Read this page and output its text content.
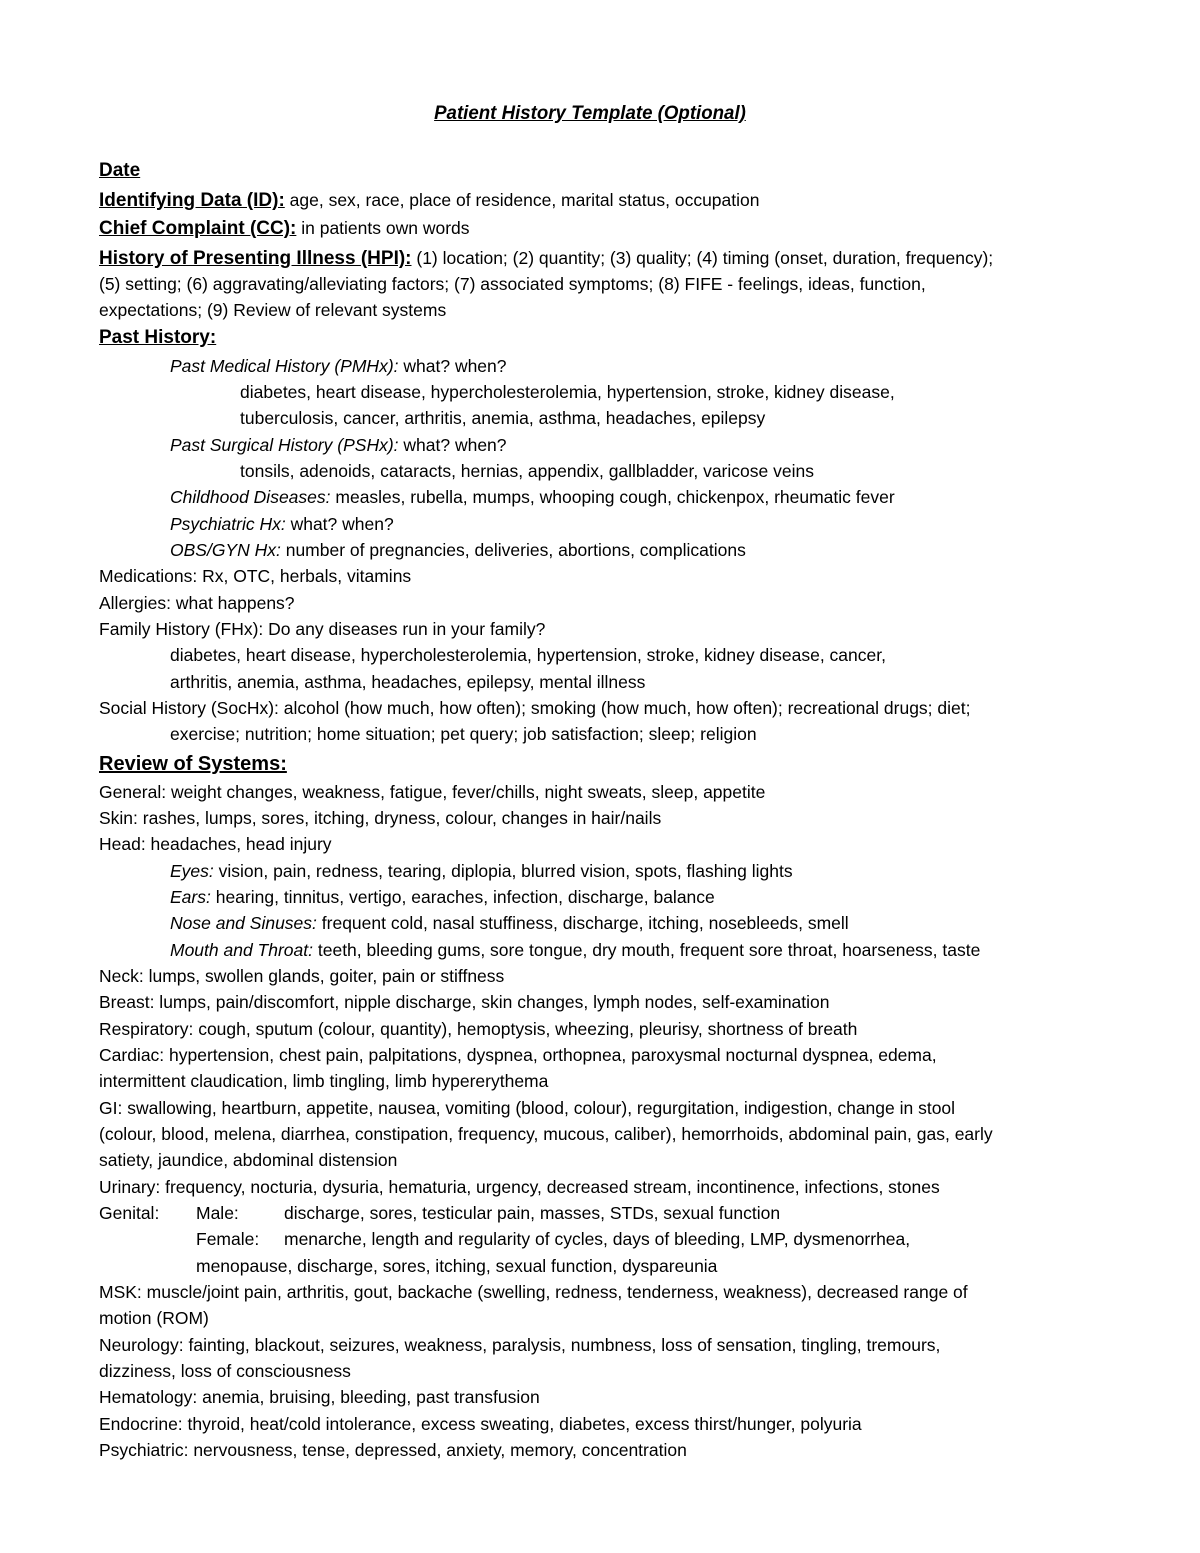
Patient History Template (Optional)
Date
Identifying Data (ID): age, sex, race, place of residence, marital status, occupation
Chief Complaint (CC): in patients own words
History of Presenting Illness (HPI): (1) location; (2) quantity; (3) quality; (4) timing (onset, duration, frequency);
(5) setting; (6) aggravating/alleviating factors; (7) associated symptoms; (8) FIFE - feelings, ideas, function,
expectations; (9) Review of relevant systems
Past History:
Past Medical History (PMHx): what? when?
diabetes, heart disease, hypercholesterolemia, hypertension, stroke, kidney disease,
tuberculosis, cancer, arthritis, anemia, asthma, headaches, epilepsy
Past Surgical History (PSHx): what? when?
tonsils, adenoids, cataracts, hernias, appendix, gallbladder, varicose veins
Childhood Diseases: measles, rubella, mumps, whooping cough, chickenpox, rheumatic fever
Psychiatric Hx: what? when?
OBS/GYN Hx: number of pregnancies, deliveries, abortions, complications
Medications: Rx, OTC, herbals, vitamins
Allergies: what happens?
Family History (FHx): Do any diseases run in your family?
diabetes, heart disease, hypercholesterolemia, hypertension, stroke, kidney disease, cancer,
arthritis, anemia, asthma, headaches, epilepsy, mental illness
Social History (SocHx): alcohol (how much, how often); smoking (how much, how often); recreational drugs; diet;
exercise; nutrition; home situation; pet query; job satisfaction; sleep; religion
Review of Systems:
General: weight changes, weakness, fatigue, fever/chills, night sweats, sleep, appetite
Skin: rashes, lumps, sores, itching, dryness, colour, changes in hair/nails
Head: headaches, head injury
Eyes: vision, pain, redness, tearing, diplopia, blurred vision, spots, flashing lights
Ears: hearing, tinnitus, vertigo, earaches, infection, discharge, balance
Nose and Sinuses: frequent cold, nasal stuffiness, discharge, itching, nosebleeds, smell
Mouth and Throat: teeth, bleeding gums, sore tongue, dry mouth, frequent sore throat, hoarseness, taste
Neck: lumps, swollen glands, goiter, pain or stiffness
Breast: lumps, pain/discomfort, nipple discharge, skin changes, lymph nodes, self-examination
Respiratory: cough, sputum (colour, quantity), hemoptysis, wheezing, pleurisy, shortness of breath
Cardiac: hypertension, chest pain, palpitations, dyspnea, orthopnea, paroxysmal nocturnal dyspnea, edema,
intermittent claudication, limb tingling, limb hypererythema
GI: swallowing, heartburn, appetite, nausea, vomiting (blood, colour), regurgitation, indigestion, change in stool
(colour, blood, melena, diarrhea, constipation, frequency, mucous, caliber), hemorrhoids, abdominal pain, gas, early
satiety, jaundice, abdominal distension
Urinary: frequency, nocturia, dysuria, hematuria, urgency, decreased stream, incontinence, infections, stones
Genital: Male:	discharge, sores, testicular pain, masses, STDs, sexual function
Female: menarche, length and regularity of cycles, days of bleeding, LMP, dysmenorrhea,
menopause, discharge, sores, itching, sexual function, dyspareunia
MSK: muscle/joint pain, arthritis, gout, backache (swelling, redness, tenderness, weakness), decreased range of
motion (ROM)
Neurology: fainting, blackout, seizures, weakness, paralysis, numbness, loss of sensation, tingling, tremours,
dizziness, loss of consciousness
Hematology: anemia, bruising, bleeding, past transfusion
Endocrine: thyroid, heat/cold intolerance, excess sweating, diabetes, excess thirst/hunger, polyuria
Psychiatric: nervousness, tense, depressed, anxiety, memory, concentration
